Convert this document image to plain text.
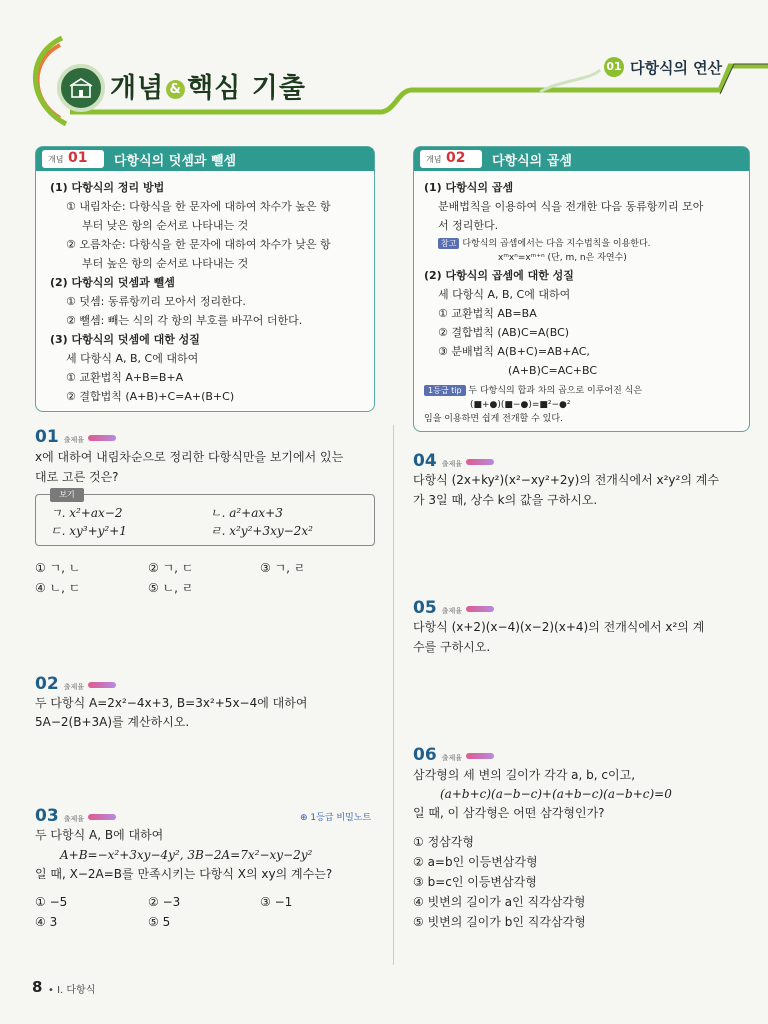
개념 & 핵심 기출
01 다항식의 연산
개념 01 다항식의 덧셈과 뺄셈
(1) 다항식의 정리 방법
① 내림차순: 다항식을 한 문자에 대하여 차수가 높은 항
부터 낮은 항의 순서로 나타내는 것
② 오름차순: 다항식을 한 문자에 대하여 차수가 낮은 항
부터 높은 항의 순서로 나타내는 것
(2) 다항식의 덧셈과 뺄셈
① 덧셈: 동류항끼리 모아서 정리한다.
② 뺄셈: 빼는 식의 각 항의 부호를 바꾸어 더한다.
(3) 다항식의 덧셈에 대한 성질
세 다항식 A, B, C에 대하여
① 교환법칙 A+B=B+A
② 결합법칙 (A+B)+C=A+(B+C)
개념 02 다항식의 곱셈
(1) 다항식의 곱셈
분배법칙을 이용하여 식을 전개한 다음 동류항끼리 모아
서 정리한다.
참고 다항식의 곱셈에서는 다음 지수법칙을 이용한다.
xᵐxⁿ=xᵐ⁺ⁿ (단, m, n은 자연수)
(2) 다항식의 곱셈에 대한 성질
세 다항식 A, B, C에 대하여
① 교환법칙 AB=BA
② 결합법칙 (AB)C=A(BC)
③ 분배법칙 A(B+C)=AB+AC,
(A+B)C=AC+BC
1등급 tip 두 다항식의 합과 차의 곱으로 이루어진 식은
(■+●)(■−●)=■²−●²
임을 이용하면 쉽게 전개할 수 있다.
01 출제율
x에 대하여 내림차순으로 정리한 다항식만을 보기에서 있는
대로 고른 것은?
보기
ㄱ. x²+ax−2	ㄴ. a²+ax+3
ㄷ. xy³+y²+1	ㄹ. x²y²+3xy−2x²
① ㄱ, ㄴ	② ㄱ, ㄷ	③ ㄱ, ㄹ
④ ㄴ, ㄷ	⑤ ㄴ, ㄹ
02 출제율
두 다항식 A=2x²−4x+3, B=3x²+5x−4에 대하여
5A−2(B+3A)를 계산하시오.
03 출제율	⊕ 1등급 비밀노트
두 다항식 A, B에 대하여
A+B=−x²+3xy−4y², 3B−2A=7x²−xy−2y²
일 때, X−2A=B를 만족시키는 다항식 X의 xy의 계수는?
① −5	② −3	③ −1
④ 3	⑤ 5
04 출제율
다항식 (2x+ky²)(x²−xy²+2y)의 전개식에서 x²y²의 계수
가 3일 때, 상수 k의 값을 구하시오.
05 출제율
다항식 (x+2)(x−4)(x−2)(x+4)의 전개식에서 x²의 계
수를 구하시오.
06 출제율
삼각형의 세 변의 길이가 각각 a, b, c이고,
(a+b+c)(a−b−c)+(a+b−c)(a−b+c)=0
일 때, 이 삼각형은 어떤 삼각형인가?
① 정삼각형
② a=b인 이등변삼각형
③ b=c인 이등변삼각형
④ 빗변의 길이가 a인 직각삼각형
⑤ 빗변의 길이가 b인 직각삼각형
8 • I. 다항식
